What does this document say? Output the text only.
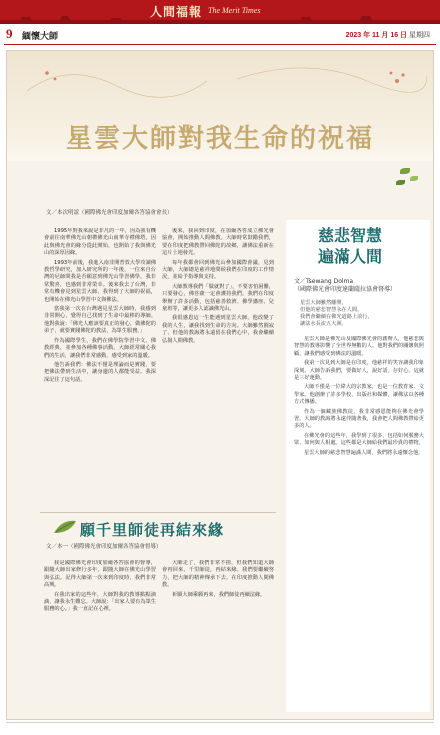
人間福報 The Merit Times
9 緬懷大師	2023 年 11 月 16 日 星期四
星雲大師對我生命的祝福
文／本次明誼（國際佛光會印度加爾各答協會會長）

1995年對我來說是非凡的一年，因為我有機會前往南華佛光山朝禮佛光山南華寺禮佛塔，因此與佛光會的緣分從此開始，也開始了我與佛光山的深厚因緣。

1993年前後，我進入南非開普敦大學攻讀佛教哲學研究，加入研究所的一年後，一位來自台灣的尼師問我是否願意到佛光山學習佛學。我非常驚喜，也感到非常榮幸。後來我去了台灣，非常有機會見到星雲大師，我得到了大師的祝福，也開始在佛光山學習中文與佛法。

當我第一次在台灣遇見星雲大師時，我感到非常開心，覺得自己找到了生命中最棒的導師。他對我說：「佛光人應該要真正的發心，做佛陀的弟子，就要實踐佛陀的教法，為眾生服務。」

作為國際學生，我們在佛學院學習中文、佛教經典，並參加各種佛事活動。大師經常關心我們的生活，讓我們非常感動，感受到家的溫暖。

他告訴我們：佛法不僅是理論而是實踐，要把佛法帶到生活中，讓身邊的人都能受益。我深深記住了這句話。

後來，我回到印度，在加爾各答成立佛光會協會，開始推動人間佛教。大師時常鼓勵我們，要在印度把佛教帶回佛陀的故鄉，讓佛法重新在這片土地發光。

每年我都會回到佛光山參加國際會議，見到大師，大師總是慈祥地問候我們在印度的工作情況，並給予指導與支持。

大師教導我們「做就對了」，不要害怕困難，只要發心，佛菩薩一定會護持我們。我們在印度舉辦了許多活動，包括慈善救濟、佛學講座、兒童班等，讓更多人認識佛光山。

我很感恩這一生能遇到星雲大師，他改變了我的人生，讓我找到生命的方向。大師雖然圓寂了，但他的教誨將永遠留在我們心中，我會繼續弘揚人間佛教。

慈悲智慧
遍滿人間
文／Tsewang Dolma
（國際佛光會印度達蘭薩拉協會督導）
星雲大師雖然離開，
但他的慈悲智慧永在人間。
我們會繼續在佛光道路上前行，
讓法水長流五大洲。

星雲大師是佛光山及國際佛光會的創辦人，他慈悲與智慧的教導影響了全世界無數的人。他對我們的關懷與照顧，讓我們感受到佛法的溫暖。

我第一次見到大師是在印度，他慈祥的笑容讓我印象深刻。大師告訴我們，要做好人，說好話，存好心，這就是三好運動。

大師不僅是一位偉大的宗教家，也是一位教育家、文學家。他創辦了許多學校、出版社和媒體，讓佛法以各種方式傳播。

作為一個藏族佛教徒，我非常感恩能夠在佛光會學習。大師的教誨將永遠伴隨著我，我會把人間佛教帶給更多的人。

在佛光會的這些年，我學到了很多，包括如何服務大眾、如何與人相處。這些都是大師給我們最珍貴的禮物。

星雲大師的慈悲智慧遍滿人間，我們將永遠懷念他。

願千里師徒再結來緣
文／本一（國際佛光會印度加爾各答協會督導）

我是國際佛光會印度加爾各答協會的督導，跟隨大師出家修行多年，跟隨大師在佛光山學習與弘法。記得大師第一次來到印度時，我們非常高興。

在我出家的這些年，大師對我的教導點點滴滴，讓我永生難忘。大師說：「出家人要有為眾生服務的心。」我一直記在心裡。

大師走了，我們非常不捨，但我們知道大師會再回來，千里師徒，再結來緣。我們要繼續努力，把大師的精神傳承下去，在印度推動人間佛教。

祈願大師乘願再來，我們師徒再續法緣。
